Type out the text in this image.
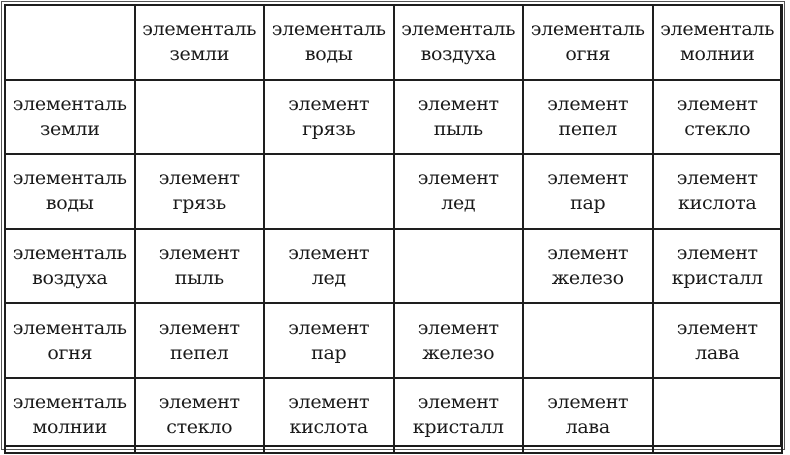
	элементаль
земли	элементаль
воды	элементаль
воздуха	элементаль
огня	элементаль
молнии

элементаль
земли		элемент
грязь	элемент
пыль	элемент
пепел	элемент
стекло

элементаль
воды	элемент
грязь		элемент
лед	элемент
пар	элемент
кислота

элементаль
воздуха	элемент
пыль	элемент
лед		элемент
железо	элемент
кристалл

элементаль
огня	элемент
пепел	элемент
пар	элемент
железо		элемент
лава

элементаль
молнии	элемент
стекло	элемент
кислота	элемент
кристалл	элемент
лава	
